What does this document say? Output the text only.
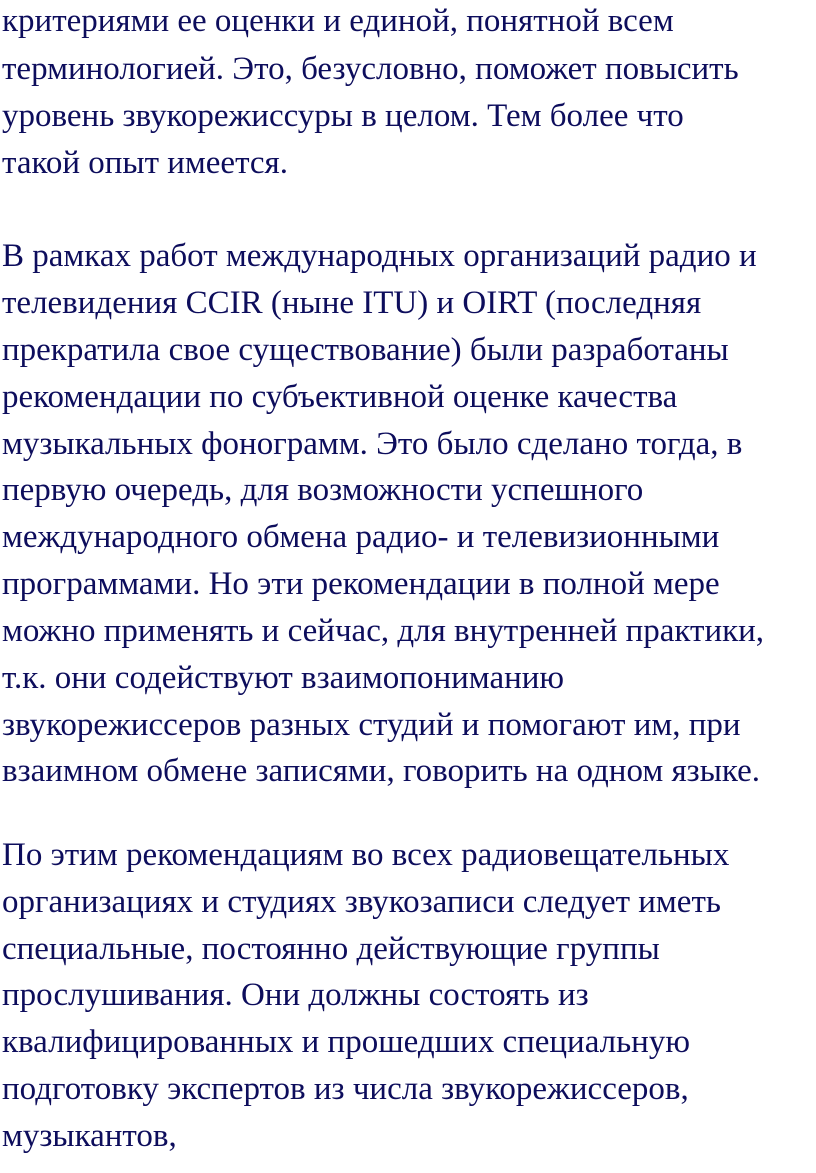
критериями ее оценки и единой, понятной всем
терминологией. Это, безусловно, поможет повысить
уровень звукорежиссуры в целом. Тем более что
такой опыт имеется.
В рамках работ международных организаций радио и
телевидения CCIR (ныне ITU) и OIRT (последняя
прекратила свое существование) были разработаны
рекомендации по субъективной оценке качества
музыкальных фонограмм. Это было сделано тогда, в
первую очередь, для возможности успешного
международного обмена радио- и телевизионными
программами. Но эти рекомендации в полной мере
можно применять и сейчас, для внутренней практики,
т.к. они содействуют взаимопониманию
звукорежиссеров разных студий и помогают им, при
взаимном обмене записями, говорить на одном языке.
По этим рекомендациям во всех радиовещательных
организациях и студиях звукозаписи следует иметь
специальные, постоянно действующие группы
прослушивания. Они должны состоять из
квалифицированных и прошедших специальную
подготовку экспертов из числа звукорежиссеров,
музыкантов,
